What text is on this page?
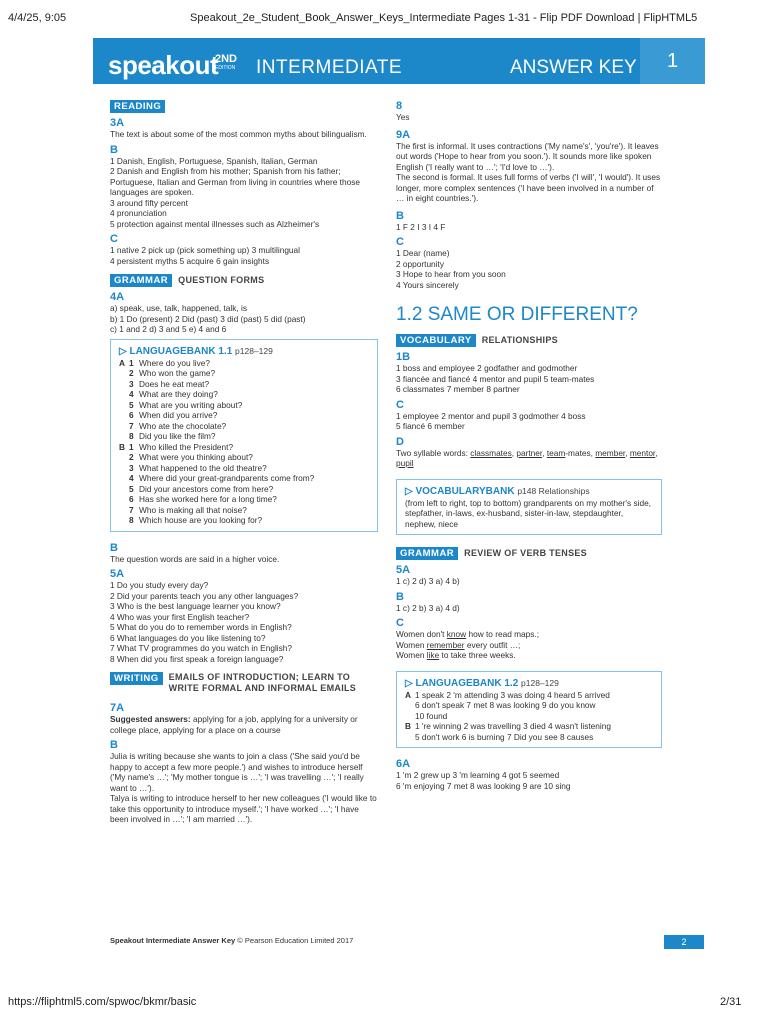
4/4/25, 9:05	Speakout_2e_Student_Book_Answer_Keys_Intermediate Pages 1-31 - Flip PDF Download | FlipHTML5
speakout
2ND
EDITION INTERMEDIATE	ANSWER KEY	1
READING
3A

The text is about some of the most common myths about bilingualism.

B

1 Danish, English, Portuguese, Spanish, Italian, German

2 Danish and English from his mother; Spanish from his father; Portuguese, Italian and German from living in countries where those languages are spoken.

3 around fifty percent

4 pronunciation

5 protection against mental illnesses such as Alzheimer's

C

1 native 2 pick up (pick something up) 3 multilingual

4 persistent myths 5 acquire 6 gain insights

GRAMMAR	QUESTION FORMS
4A

a) speak, use, talk, happened, talk, is

b) 1 Do (present) 2 Did (past) 3 did (past) 5 did (past)

c) 1 and 2 d) 3 and 5 e) 4 and 6

▷ LANGUAGEBANK 1.1 p128–129
A 1 Where do you live?
2 Who won the game?
3 Does he eat meat?
4 What are they doing?
5 What are you writing about?
6 When did you arrive?
7 Who ate the chocolate?
8 Did you like the film?
B 1 Who killed the President?
2 What were you thinking about?
3 What happened to the old theatre?
4 Where did your great-grandparents come from?
5 Did your ancestors come from here?
6 Has she worked here for a long time?
7 Who is making all that noise?
8 Which house are you looking for?
B

The question words are said in a higher voice.

5A

1 Do you study every day?

2 Did your parents teach you any other languages?

3 Who is the best language learner you know?

4 Who was your first English teacher?

5 What do you do to remember words in English?

6 What languages do you like listening to?

7 What TV programmes do you watch in English?

8 When did you first speak a foreign language?

WRITING	EMAILS OF INTRODUCTION; LEARN TO
WRITE FORMAL AND INFORMAL EMAILS
7A

Suggested answers: applying for a job, applying for a university or college place, applying for a place on a course

B

Julia is writing because she wants to join a class ('She said you'd be happy to accept a few more people.') and wishes to introduce herself ('My name's …'; 'My mother tongue is …'; 'I was travelling …'; 'I really want to …').

Talya is writing to introduce herself to her new colleagues ('I would like to take this opportunity to introduce myself.'; 'I have worked …'; 'I have been involved in …'; 'I am married …').

8

Yes

9A

The first is informal. It uses contractions ('My name's', 'you're'). It leaves out words ('Hope to hear from you soon.'). It sounds more like spoken English ('I really want to …'; 'I'd love to …').

The second is formal. It uses full forms of verbs ('I will', 'I would'). It uses longer, more complex sentences ('I have been involved in a number of … in eight countries.').

B

1 F 2 I 3 I 4 F

C

1 Dear (name)

2 opportunity

3 Hope to hear from you soon

4 Yours sincerely

1.2 SAME OR DIFFERENT?
VOCABULARY	RELATIONSHIPS
1B

1 boss and employee 2 godfather and godmother

3 fiancée and fiancé 4 mentor and pupil 5 team-mates

6 classmates 7 member 8 partner

C

1 employee 2 mentor and pupil 3 godmother 4 boss

5 fiancé 6 member

D

Two syllable words: classmates, partner, team-mates, member, mentor, pupil

▷ VOCABULARYBANK p148 Relationships

(from left to right, top to bottom) grandparents on my mother's side, stepfather, in-laws, ex-husband, sister-in-law, stepdaughter, nephew, niece

GRAMMAR	REVIEW OF VERB TENSES
5A

1 c) 2 d) 3 a) 4 b)

B

1 c) 2 b) 3 a) 4 d)

C

Women don't know how to read maps.;

Women remember every outfit …;

Women like to take three weeks.

▷ LANGUAGEBANK 1.2 p128–129
A 1 speak 2 'm attending 3 was doing 4 heard 5 arrived
6 don't speak 7 met 8 was looking 9 do you know
10 found
B 1 're winning 2 was travelling 3 died 4 wasn't listening
5 don't work 6 is burning 7 Did you see 8 causes
6A

1 'm 2 grew up 3 'm learning 4 got 5 seemed

6 'm enjoying 7 met 8 was looking 9 are 10 sing

Speakout Intermediate Answer Key © Pearson Education Limited 2017	2
https://fliphtml5.com/spwoc/bkmr/basic	2/31
